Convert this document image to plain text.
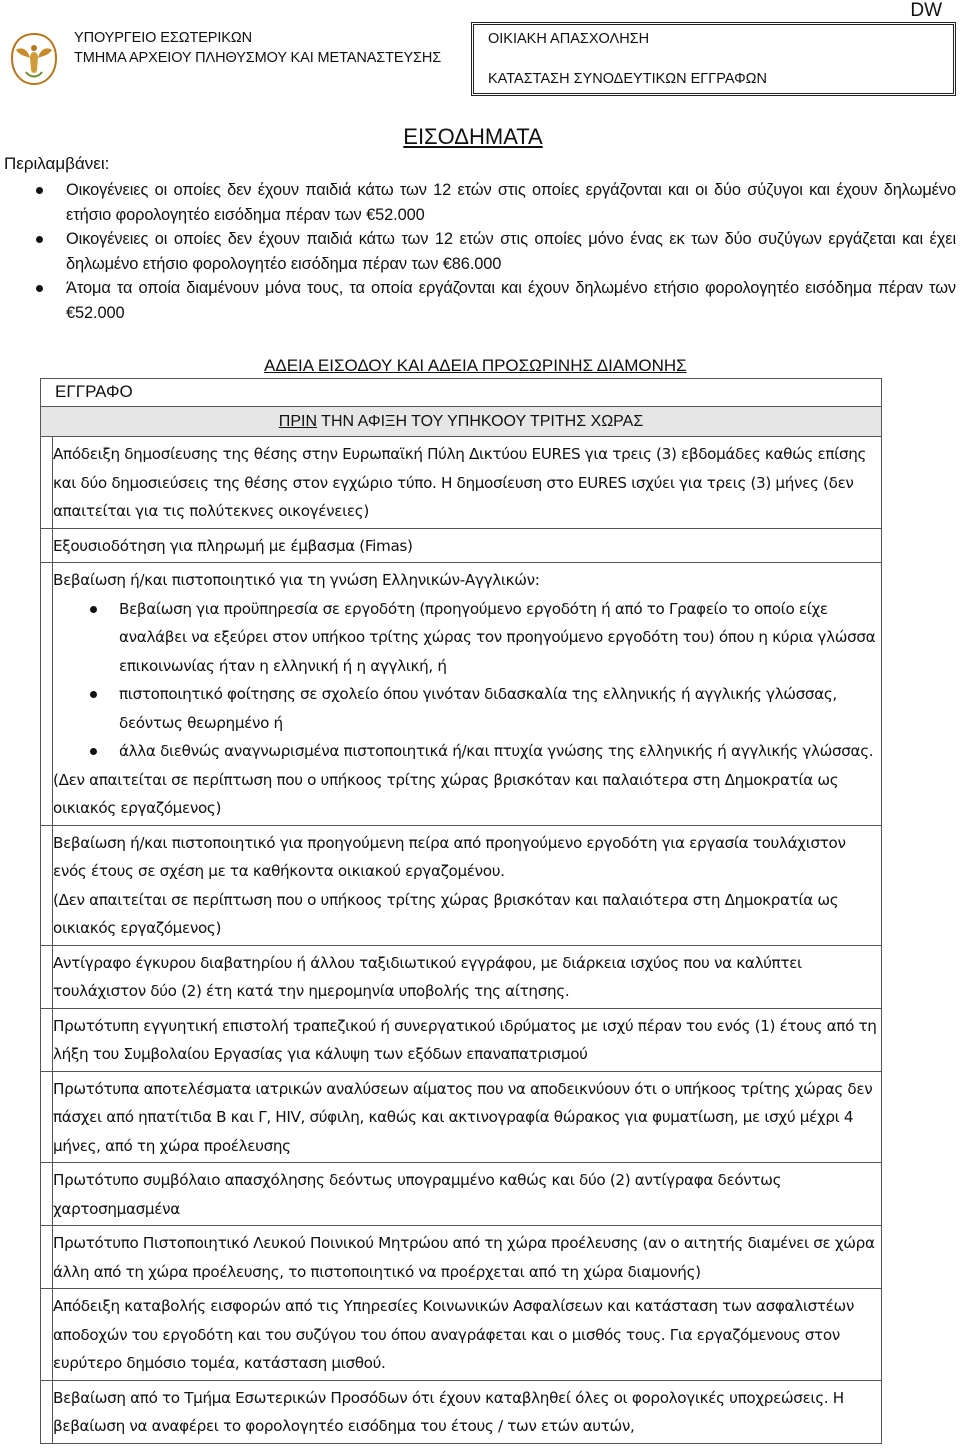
DW
ΥΠΟΥΡΓΕΙΟ ΕΣΩΤΕΡΙΚΩΝ
ΤΜΗΜΑ ΑΡΧΕΙΟΥ ΠΛΗΘΥΣΜΟΥ ΚΑΙ ΜΕΤΑΝΑΣΤΕΥΣΗΣ
ΟΙΚΙΑΚΗ ΑΠΑΣΧΟΛΗΣΗ
ΚΑΤΑΣΤΑΣΗ ΣΥΝΟΔΕΥΤΙΚΩΝ ΕΓΓΡΑΦΩΝ
ΕΙΣΟΔΗΜΑΤΑ
Περιλαμβάνει:
Οικογένειες οι οποίες δεν έχουν παιδιά κάτω των 12 ετών στις οποίες εργάζονται και οι δύο σύζυγοι και έχουν δηλωμένο ετήσιο φορολογητέο εισόδημα πέραν των €52.000
Οικογένειες οι οποίες δεν έχουν παιδιά κάτω των 12 ετών στις οποίες μόνο ένας εκ των δύο συζύγων εργάζεται και έχει δηλωμένο ετήσιο φορολογητέο εισόδημα πέραν των €86.000
Άτομα τα οποία διαμένουν μόνα τους, τα οποία εργάζονται και έχουν δηλωμένο ετήσιο φορολογητέο εισόδημα πέραν των €52.000
ΑΔΕΙΑ ΕΙΣΟΔΟΥ ΚΑΙ ΑΔΕΙΑ ΠΡΟΣΩΡΙΝΗΣ ΔΙΑΜΟΝΗΣ
ΕΓΓΡΑΦΟ
ΠΡΙΝ ΤΗΝ ΑΦΙΞΗ ΤΟΥ ΥΠΗΚΟΟΥ ΤΡΙΤΗΣ ΧΩΡΑΣ
Απόδειξη δημοσίευσης της θέσης στην Ευρωπαϊκή Πύλη Δικτύου EURES για τρεις (3) εβδομάδες καθώς επίσης και δύο δημοσιεύσεις της θέσης στον εγχώριο τύπο. Η δημοσίευση στο EURES ισχύει για τρεις (3) μήνες (δεν απαιτείται για τις πολύτεκνες οικογένειες)
Εξουσιοδότηση για πληρωμή με έμβασμα (Fimas)

Βεβαίωση ή/και πιστοποιητικό για τη γνώση Ελληνικών-Αγγλικών:

Βεβαίωση για προϋπηρεσία σε εργοδότη (προηγούμενο εργοδότη ή από το Γραφείο το οποίο είχε αναλάβει να εξεύρει στον υπήκοο τρίτης χώρας τον προηγούμενο εργοδότη του) όπου η κύρια γλώσσα επικοινωνίας ήταν η ελληνική ή η αγγλική, ή
πιστοποιητικό φοίτησης σε σχολείο όπου γινόταν διδασκαλία της ελληνικής ή αγγλικής γλώσσας, δεόντως θεωρημένο ή
άλλα διεθνώς αναγνωρισμένα πιστοποιητικά ή/και πτυχία γνώσης της ελληνικής ή αγγλικής γλώσσας.

(Δεν απαιτείται σε περίπτωση που ο υπήκοος τρίτης χώρας βρισκόταν και παλαιότερα στη Δημοκρατία ως οικιακός εργαζόμενος)

Βεβαίωση ή/και πιστοποιητικό για προηγούμενη πείρα από προηγούμενο εργοδότη για εργασία τουλάχιστον ενός έτους σε σχέση με τα καθήκοντα οικιακού εργαζομένου.

(Δεν απαιτείται σε περίπτωση που ο υπήκοος τρίτης χώρας βρισκόταν και παλαιότερα στη Δημοκρατία ως οικιακός εργαζόμενος)

Αντίγραφο έγκυρου διαβατηρίου ή άλλου ταξιδιωτικού εγγράφου, με διάρκεια ισχύος που να καλύπτει τουλάχιστον δύο (2) έτη κατά την ημερομηνία υποβολής της αίτησης.
Πρωτότυπη εγγυητική επιστολή τραπεζικού ή συνεργατικού ιδρύματος με ισχύ πέραν του ενός (1) έτους από τη λήξη του Συμβολαίου Εργασίας για κάλυψη των εξόδων επαναπατρισμού
Πρωτότυπα αποτελέσματα ιατρικών αναλύσεων αίματος που να αποδεικνύουν ότι ο υπήκοος τρίτης χώρας δεν πάσχει από ηπατίτιδα Β και Γ, HIV, σύφιλη, καθώς και ακτινογραφία θώρακος για φυματίωση, με ισχύ μέχρι 4 μήνες, από τη χώρα προέλευσης
Πρωτότυπο συμβόλαιο απασχόλησης δεόντως υπογραμμένο καθώς και δύο (2) αντίγραφα δεόντως χαρτοσημασμένα
Πρωτότυπο Πιστοποιητικό Λευκού Ποινικού Μητρώου από τη χώρα προέλευσης (αν ο αιτητής διαμένει σε χώρα άλλη από τη χώρα προέλευσης, το πιστοποιητικό να προέρχεται από τη χώρα διαμονής)
Απόδειξη καταβολής εισφορών από τις Υπηρεσίες Κοινωνικών Ασφαλίσεων και κατάσταση των ασφαλιστέων αποδοχών του εργοδότη και του συζύγου του όπου αναγράφεται και ο μισθός τους. Για εργαζόμενους στον ευρύτερο δημόσιο τομέα, κατάσταση μισθού.
Βεβαίωση από το Τμήμα Εσωτερικών Προσόδων ότι έχουν καταβληθεί όλες οι φορολογικές υποχρεώσεις. Η βεβαίωση να αναφέρει το φορολογητέο εισόδημα του έτους / των ετών αυτών,
